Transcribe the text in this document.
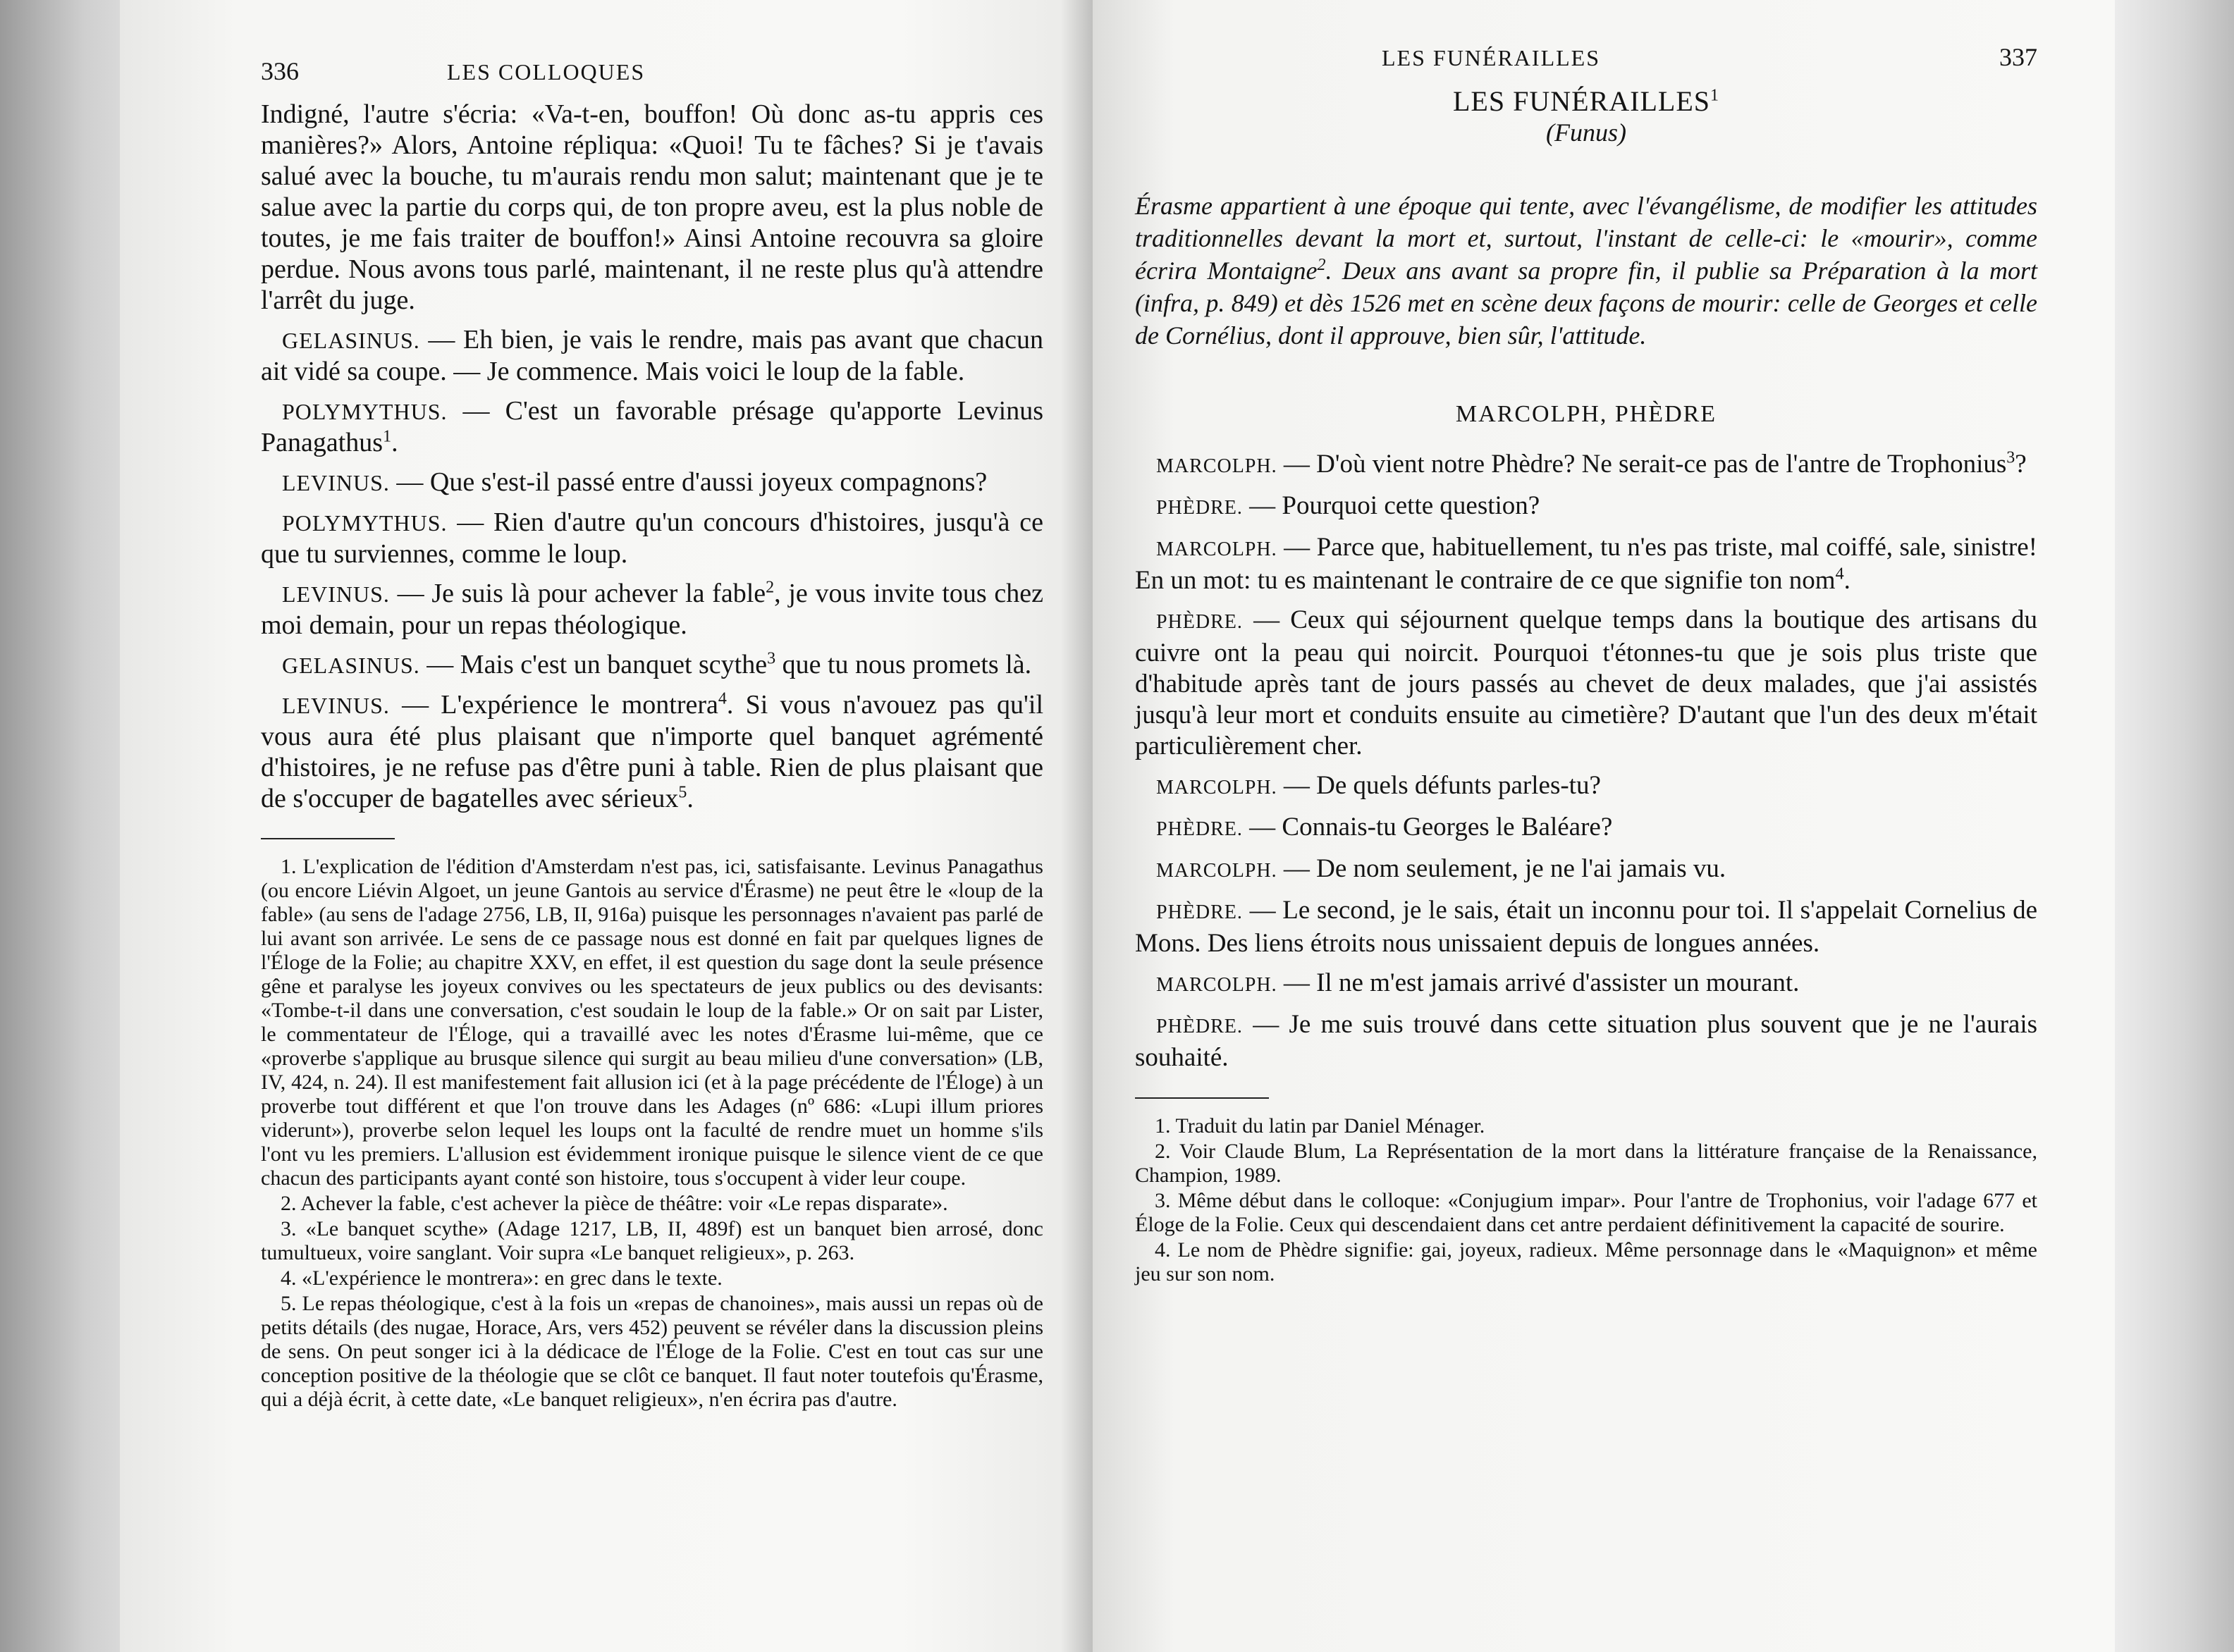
336	LES COLLOQUES

Indigné, l'autre s'écria: «Va-t-en, bouffon! Où donc as-tu appris ces manières?» Alors, Antoine répliqua: «Quoi! Tu te fâches? Si je t'avais salué avec la bouche, tu m'aurais rendu mon salut; maintenant que je te salue avec la partie du corps qui, de ton propre aveu, est la plus noble de toutes, je me fais traiter de bouffon!» Ainsi Antoine recouvra sa gloire perdue. Nous avons tous parlé, maintenant, il ne reste plus qu'à attendre l'arrêt du juge.

GELASINUS. — Eh bien, je vais le rendre, mais pas avant que chacun ait vidé sa coupe. — Je commence. Mais voici le loup de la fable.

POLYMYTHUS. — C'est un favorable présage qu'apporte Levinus Panagathus$^1$.

LEVINUS. — Que s'est-il passé entre d'aussi joyeux compagnons?

POLYMYTHUS. — Rien d'autre qu'un concours d'histoires, jusqu'à ce que tu surviennes, comme le loup.

LEVINUS. — Je suis là pour achever la fable$^2$, je vous invite tous chez moi demain, pour un repas théologique.

GELASINUS. — Mais c'est un banquet scythe$^3$ que tu nous promets là.

LEVINUS. — L'expérience le montrera$^4$. Si vous n'avouez pas qu'il vous aura été plus plaisant que n'importe quel banquet agrémenté d'histoires, je ne refuse pas d'être puni à table. Rien de plus plaisant que de s'occuper de bagatelles avec sérieux$^5$.

1. L'explication de l'édition d'Amsterdam n'est pas, ici, satisfaisante. Levinus Panagathus (ou encore Liévin Algoet, un jeune Gantois au service d'Érasme) ne peut être le «loup de la fable» (au sens de l'adage 2756, LB, II, 916a) puisque les personnages n'avaient pas parlé de lui avant son arrivée. Le sens de ce passage nous est donné en fait par quelques lignes de l'Éloge de la Folie; au chapitre XXV, en effet, il est question du sage dont la seule présence gêne et paralyse les joyeux convives ou les spectateurs de jeux publics ou des devisants: «Tombe-t-il dans une conversation, c'est soudain le loup de la fable.» Or on sait par Lister, le commentateur de l'Éloge, qui a travaillé avec les notes d'Érasme lui-même, que ce «proverbe s'applique au brusque silence qui surgit au beau milieu d'une conversation» (LB, IV, 424, n. 24). Il est manifestement fait allusion ici (et à la page précédente de l'Éloge) à un proverbe tout différent et que l'on trouve dans les Adages (nº 686: «Lupi illum priores viderunt»), proverbe selon lequel les loups ont la faculté de rendre muet un homme s'ils l'ont vu les premiers. L'allusion est évidemment ironique puisque le silence vient de ce que chacun des participants ayant conté son histoire, tous s'occupent à vider leur coupe.

2. Achever la fable, c'est achever la pièce de théâtre: voir «Le repas disparate».

3. «Le banquet scythe» (Adage 1217, LB, II, 489f) est un banquet bien arrosé, donc tumultueux, voire sanglant. Voir supra «Le banquet religieux», p. 263.

4. «L'expérience le montrera»: en grec dans le texte.

5. Le repas théologique, c'est à la fois un «repas de chanoines», mais aussi un repas où de petits détails (des nugae, Horace, Ars, vers 452) peuvent se révéler dans la discussion pleins de sens. On peut songer ici à la dédicace de l'Éloge de la Folie. C'est en tout cas sur une conception positive de la théologie que se clôt ce banquet. Il faut noter toutefois qu'Érasme, qui a déjà écrit, à cette date, «Le banquet religieux», n'en écrira pas d'autre.

LES FUNÉRAILLES	337
LES FUNÉRAILLES$^1$
(Funus)
Érasme appartient à une époque qui tente, avec l'évangélisme, de modifier les attitudes traditionnelles devant la mort et, surtout, l'instant de celle-ci: le «mourir», comme écrira Montaigne$^2$. Deux ans avant sa propre fin, il publie sa Préparation à la mort (infra, p. 849) et dès 1526 met en scène deux façons de mourir: celle de Georges et celle de Cornélius, dont il approuve, bien sûr, l'attitude.
MARCOLPH, PHÈDRE

MARCOLPH. — D'où vient notre Phèdre? Ne serait-ce pas de l'antre de Trophonius$^3$?

PHÈDRE. — Pourquoi cette question?

MARCOLPH. — Parce que, habituellement, tu n'es pas triste, mal coiffé, sale, sinistre! En un mot: tu es maintenant le contraire de ce que signifie ton nom$^4$.

PHÈDRE. — Ceux qui séjournent quelque temps dans la boutique des artisans du cuivre ont la peau qui noircit. Pourquoi t'étonnes-tu que je sois plus triste que d'habitude après tant de jours passés au chevet de deux malades, que j'ai assistés jusqu'à leur mort et conduits ensuite au cimetière? D'autant que l'un des deux m'était particulièrement cher.

MARCOLPH. — De quels défunts parles-tu?

PHÈDRE. — Connais-tu Georges le Baléare?

MARCOLPH. — De nom seulement, je ne l'ai jamais vu.

PHÈDRE. — Le second, je le sais, était un inconnu pour toi. Il s'appelait Cornelius de Mons. Des liens étroits nous unissaient depuis de longues années.

MARCOLPH. — Il ne m'est jamais arrivé d'assister un mourant.

PHÈDRE. — Je me suis trouvé dans cette situation plus souvent que je ne l'aurais souhaité.

1. Traduit du latin par Daniel Ménager.

2. Voir Claude Blum, La Représentation de la mort dans la littérature française de la Renaissance, Champion, 1989.

3. Même début dans le colloque: «Conjugium impar». Pour l'antre de Trophonius, voir l'adage 677 et Éloge de la Folie. Ceux qui descendaient dans cet antre perdaient définitivement la capacité de sourire.

4. Le nom de Phèdre signifie: gai, joyeux, radieux. Même personnage dans le «Maquignon» et même jeu sur son nom.
